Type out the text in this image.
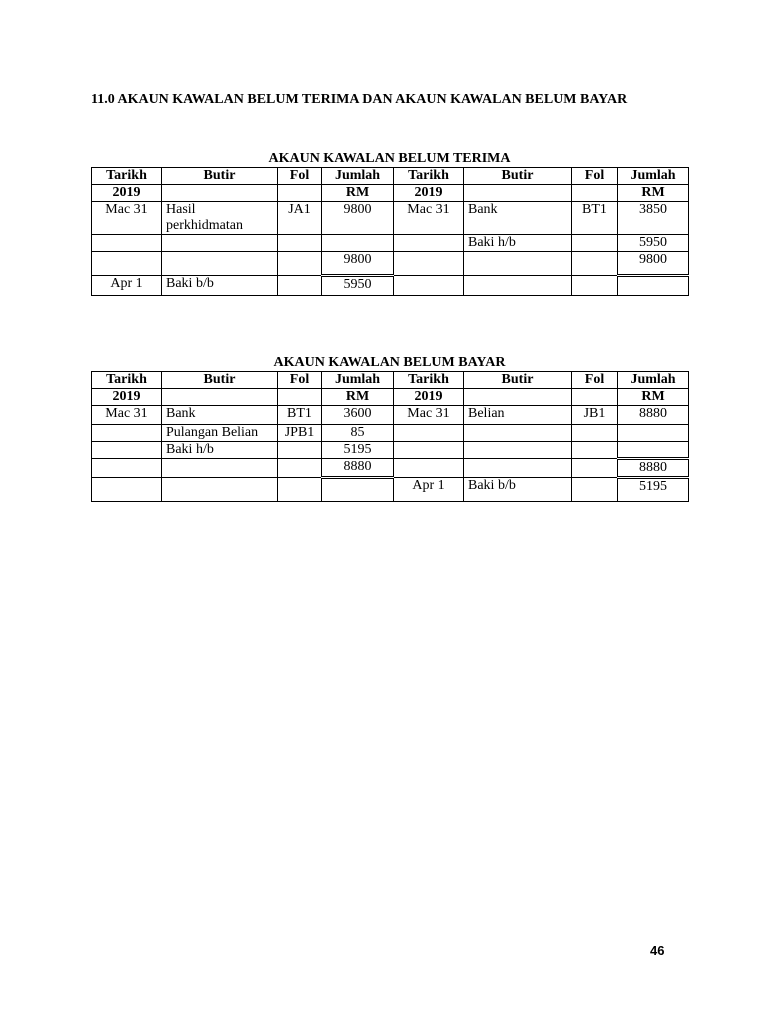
11.0 AKAUN KAWALAN BELUM TERIMA DAN AKAUN KAWALAN BELUM BAYAR
AKAUN KAWALAN BELUM TERIMA
Tarikh	Butir	Fol	Jumlah	Tarikh	Butir	Fol	Jumlah
2019			RM	2019			RM
Mac 31	Hasil perkhidmatan	JA1	9800	Mac 31	Bank	BT1	3850
					Baki h/b		5950
			9800				9800
Apr 1	Baki b/b		5950				
AKAUN KAWALAN BELUM BAYAR
Tarikh	Butir	Fol	Jumlah	Tarikh	Butir	Fol	Jumlah
2019			RM	2019			RM
Mac 31	Bank	BT1	3600	Mac 31	Belian	JB1	8880
	Pulangan Belian	JPB1	85				
	Baki h/b		5195				
			8880				8880
				Apr 1	Baki b/b		5195
46
